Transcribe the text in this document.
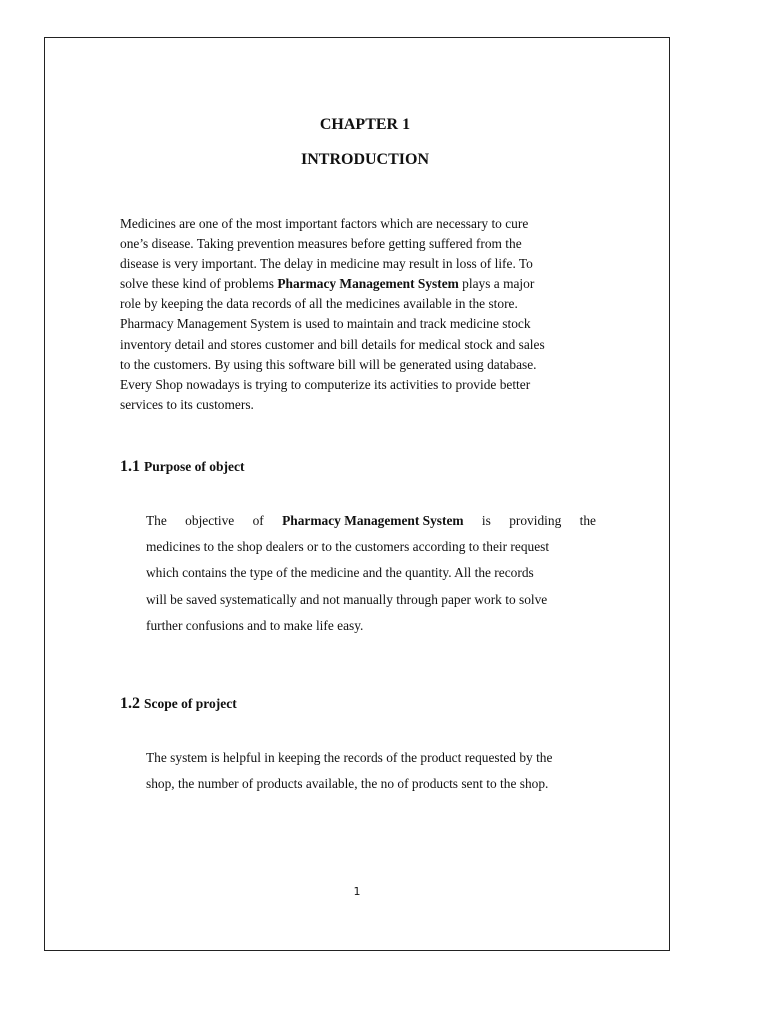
CHAPTER 1
INTRODUCTION
Medicines are one of the most important factors which are necessary to cure
one’s disease. Taking prevention measures before getting suffered from the
disease is very important. The delay in medicine may result in loss of life. To
solve these kind of problems Pharmacy Management System plays a major
role by keeping the data records of all the medicines available in the store.
Pharmacy Management System is used to maintain and track medicine stock
inventory detail and stores customer and bill details for medical stock and sales
to the customers. By using this software bill will be generated using database.
Every Shop nowadays is trying to computerize its activities to provide better
services to its customers.
1.1 Purpose of object
The objective of Pharmacy Management System is providing the
medicines to the shop dealers or to the customers according to their request
which contains the type of the medicine and the quantity. All the records
will be saved systematically and not manually through paper work to solve
further confusions and to make life easy.
1.2 Scope of project
The system is helpful in keeping the records of the product requested by the
shop, the number of products available, the no of products sent to the shop.
1
